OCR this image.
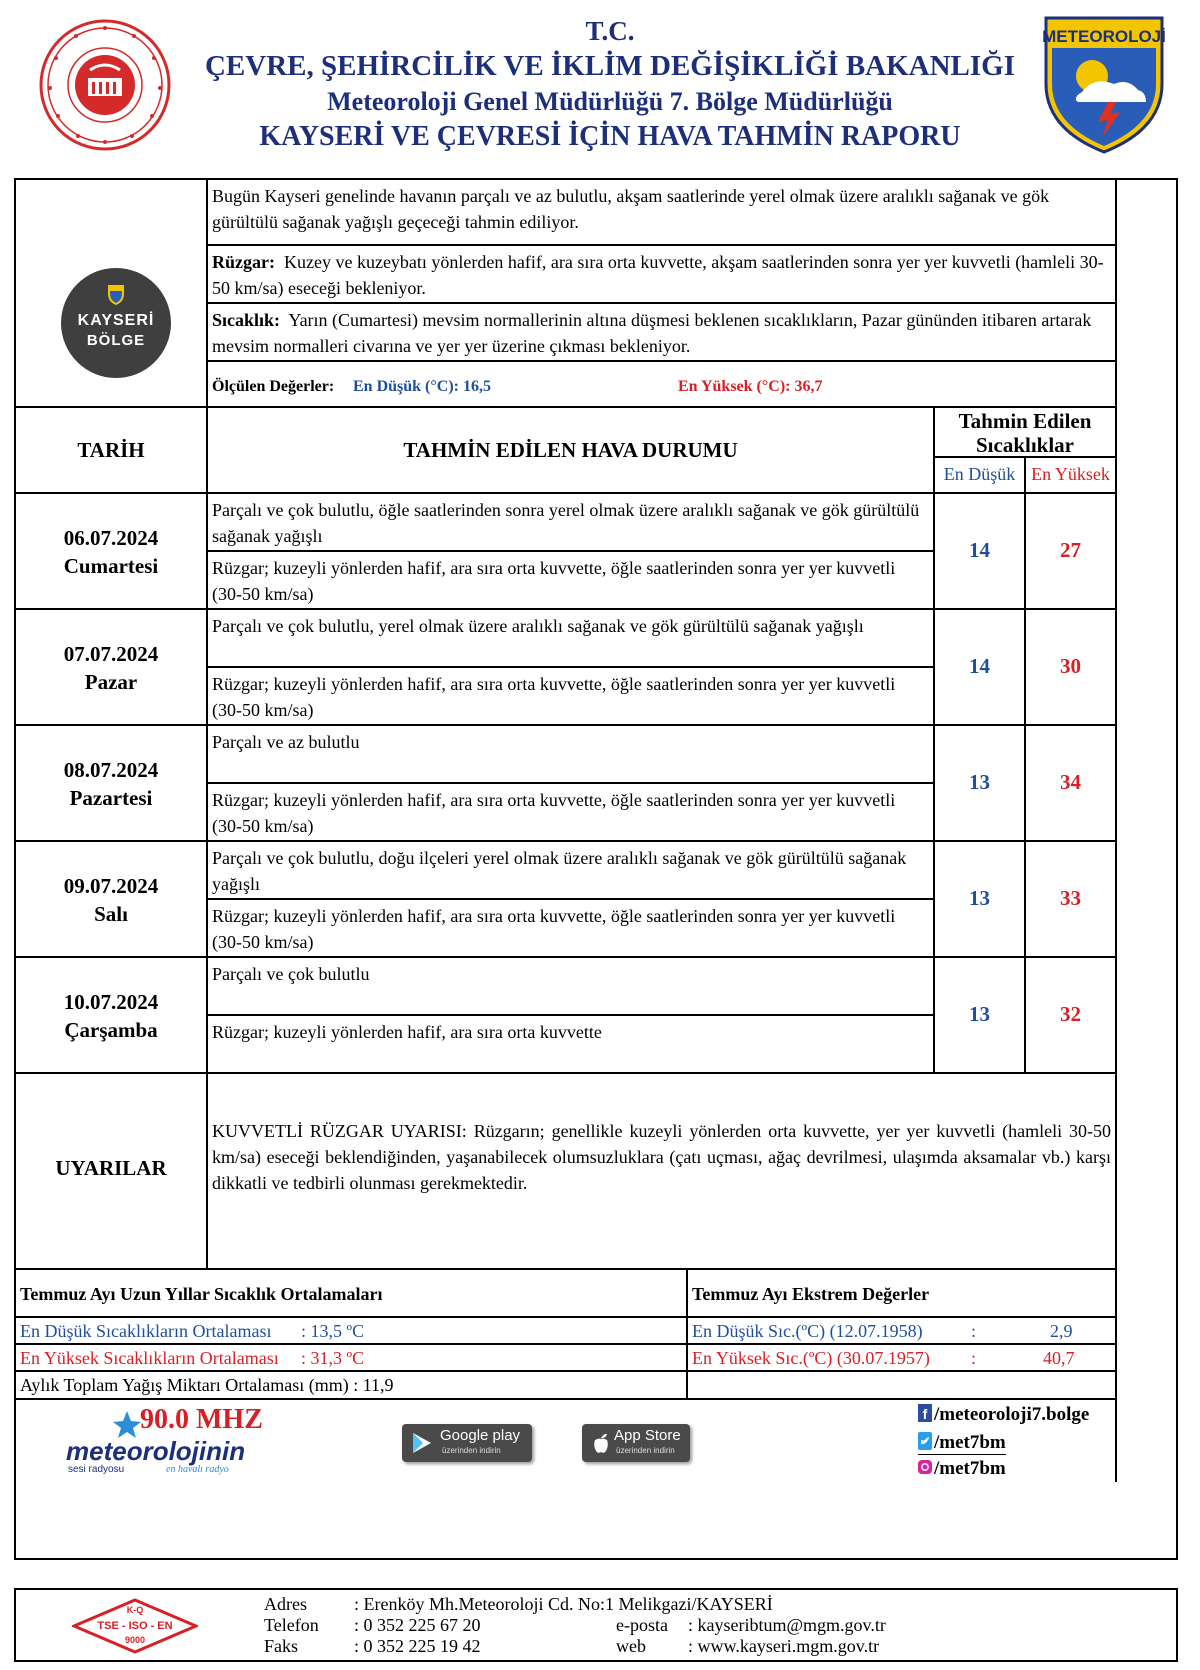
T.C.
ÇEVRE, ŞEHİRCİLİK VE İKLİM DEĞİŞİKLİĞİ BAKANLIĞI
Meteoroloji Genel Müdürlüğü 7. Bölge Müdürlüğü
KAYSERİ VE ÇEVRESİ İÇİN HAVA TAHMİN RAPORU
METEOROLOJİ
KAYSERİ
BÖLGE
Bugün Kayseri genelinde havanın parçalı ve az bulutlu, akşam saatlerinde yerel olmak üzere aralıklı sağanak ve gök gürültülü sağanak yağışlı geçeceği tahmin ediliyor.
Rüzgar: Kuzey ve kuzeybatı yönlerden hafif, ara sıra orta kuvvette, akşam saatlerinden sonra yer yer kuvvetli (hamleli 30-50 km/sa) eseceği bekleniyor.
Sıcaklık: Yarın (Cumartesi) mevsim normallerinin altına düşmesi beklenen sıcaklıkların, Pazar gününden itibaren artarak mevsim normalleri civarına ve yer yer üzerine çıkması bekleniyor.
Ölçülen Değerler: En Düşük (°C): 16,5	En Yüksek (°C): 36,7
TARİH	TAHMİN EDİLEN HAVA DURUMU
Tahmin Edilen
Sıcaklıklar
En Düşük En Yüksek
06.07.2024
Cumartesi
Parçalı ve çok bulutlu, öğle saatlerinden sonra yerel olmak üzere aralıklı sağanak ve gök gürültülü sağanak yağışlı
Rüzgar; kuzeyli yönlerden hafif, ara sıra orta kuvvette, öğle saatlerinden sonra yer yer kuvvetli (30-50 km/sa)
14	27
07.07.2024
Pazar
Parçalı ve çok bulutlu, yerel olmak üzere aralıklı sağanak ve gök gürültülü sağanak yağışlı
Rüzgar; kuzeyli yönlerden hafif, ara sıra orta kuvvette, öğle saatlerinden sonra yer yer kuvvetli (30-50 km/sa)
14	30
08.07.2024
Pazartesi
Parçalı ve az bulutlu
Rüzgar; kuzeyli yönlerden hafif, ara sıra orta kuvvette, öğle saatlerinden sonra yer yer kuvvetli (30-50 km/sa)
13	34
09.07.2024
Salı
Parçalı ve çok bulutlu, doğu ilçeleri yerel olmak üzere aralıklı sağanak ve gök gürültülü sağanak yağışlı
Rüzgar; kuzeyli yönlerden hafif, ara sıra orta kuvvette, öğle saatlerinden sonra yer yer kuvvetli (30-50 km/sa)
13	33
10.07.2024
Çarşamba
Parçalı ve çok bulutlu
Rüzgar; kuzeyli yönlerden hafif, ara sıra orta kuvvette
13	32
UYARILAR
KUVVETLİ RÜZGAR UYARISI: Rüzgarın; genellikle kuzeyli yönlerden orta kuvvette, yer yer kuvvetli (hamleli 30-50 km/sa) eseceği beklendiğinden, yaşanabilecek olumsuzluklara (çatı uçması, ağaç devrilmesi, ulaşımda aksamalar vb.) karşı dikkatli ve tedbirli olunması gerekmektedir.
Temmuz Ayı Uzun Yıllar Sıcaklık Ortalamaları	Temmuz Ayı Ekstrem Değerler
En Düşük Sıcaklıkların Ortalaması : 13,5 ºC	En Düşük Sıc.(ºC) (12.07.1958)	:	2,9
En Yüksek Sıcaklıkların Ortalaması : 31,3 ºC	En Yüksek Sıc.(ºC) (30.07.1957) :	40,7
Aylık Toplam Yağış Miktarı Ortalaması (mm) : 11,9
90.0 MHZ
meteorolojinin
sesi radyosu	en havalı radyo
Google play
üzerinden indirin
App Store
üzerinden indirin
f /meteoroloji7.bolge
/met7bm
/met7bm
K-Q
TSE - ISO - EN
9000
Adres	: Erenköy Mh.Meteoroloji Cd. No:1 Melikgazi/KAYSERİ
Telefon : 0 352 225 67 20
Faks	: 0 352 225 19 42
e-posta : kayseribtum@mgm.gov.tr
web : www.kayseri.mgm.gov.tr
